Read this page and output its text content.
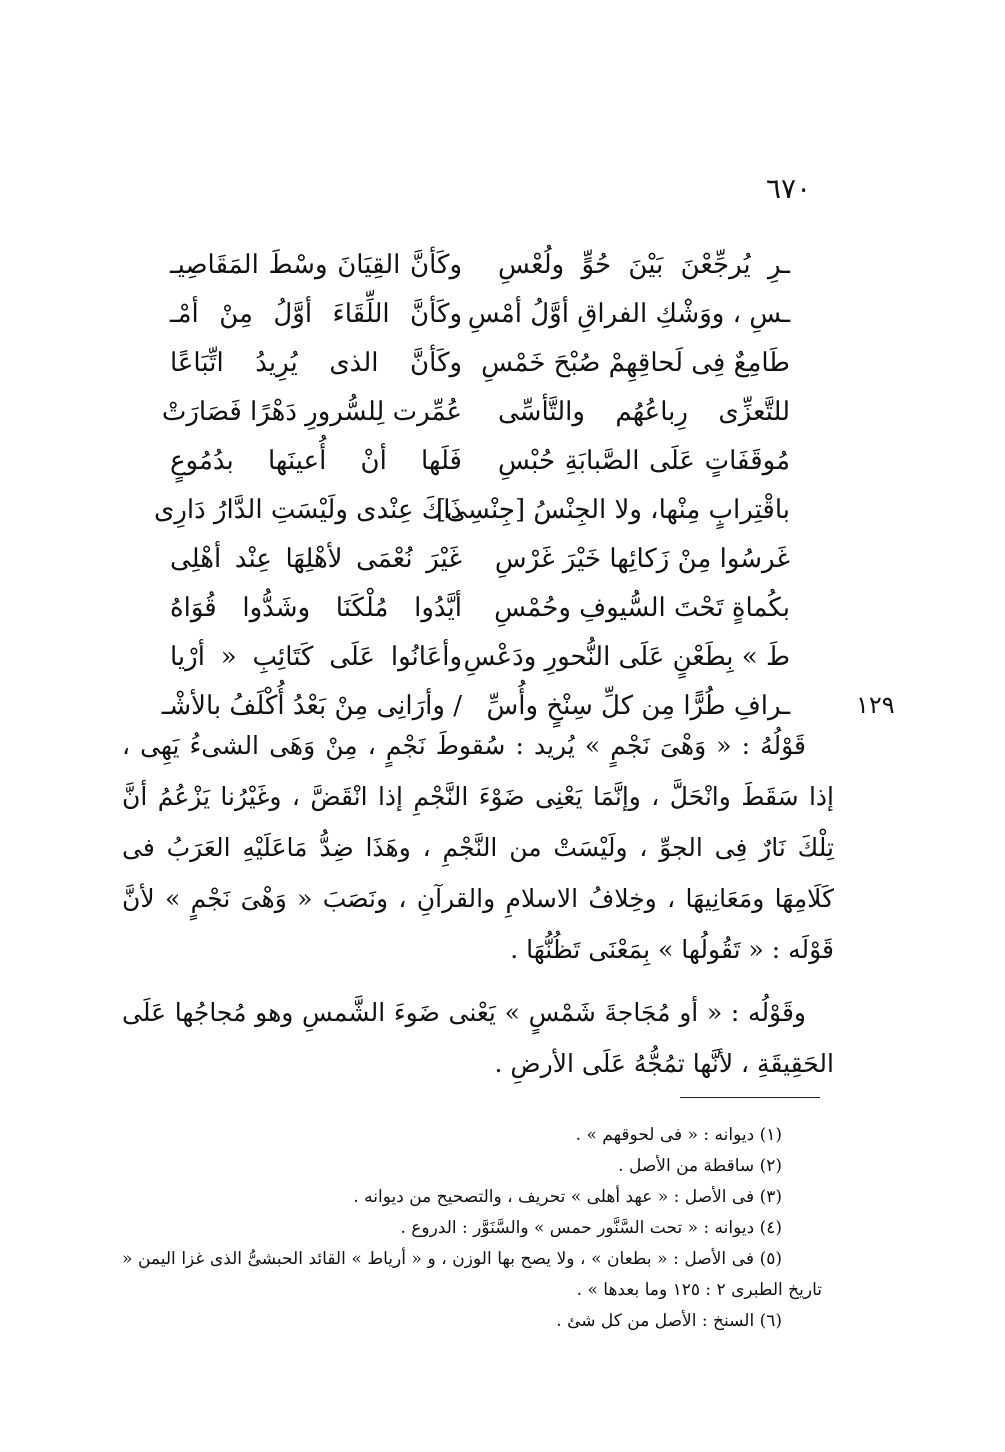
٦٧٠
١٢٩
وكَأنَّ القِيَانَ وسْطَ المَقَاصِيـ ـرِ يُرجِّعْنَ بَيْنَ حُوٍّ ولُعْسِ
وكَأنَّ اللِّقَاءَ أوَّلُ مِنْ أمْـ ـسِ ، ووَشْكِ الفراقِ أوَّلُ أمْسِ
وكَأنَّ الذى يُرِيدُ اتِّبَاعًا طَامِعٌ فِى لَحاقِهِمْ صُبْحَ خَمْسِ
عُمِّرت لِلسُّرورِ دَهْرًا فَصَارَتْ للتَّعزِّى رِباعُهُم والتَّأسِّى
فَلَها أنْ أُعينَها بدُمُوعٍ مُوقَفَاتٍ عَلَى الصَّبابَةِ حُبْسِ
ذَاكَ عِنْدى ولَيْسَتِ الدَّارُ دَارِى
باقْتِرابٍ مِنْها، ولا الجِنْسُ [جِنْسِى]
غَيْرَ نُعْمَى لأهْلِهَا عِنْد أهْلِى غَرسُوا مِنْ زَكائِها خَيْرَ غَرْسِ
أيَّدُوا مُلْكَنَا وشَدُّوا قُوَاهُ بكُماةٍ تَحْتَ السُّيوفِ وحُمْسِ
وأعَانُوا عَلَى كَتَائِبِ « أرْيا طَ » بِطَعْنٍ عَلَى النُّحورِ ودَعْسِ
/ وأرَانِى مِنْ بَعْدُ أُكْلَفُ بالأشْـ ـرافِ طُرًّا مِن كلِّ سِنْخٍ وأُسِّ

قَوْلُهُ : « وَهْىَ نَجْمٍ » يُريد : سُقوطَ نَجْمٍ ، مِنْ وَهَى الشىءُ يَهِى ، إذا سَقَطَ وانْحَلَّ ، وإنَّمَا يَعْنِى ضَوْءَ النَّجْمِ إذا انْقَضَّ ، وغَيْرُنا يَزْعُمُ أنَّ تِلْكَ نَارٌ فِى الجوِّ ، ولَيْسَتْ من النَّجْمِ ، وهَذَا ضِدُّ مَاعَلَيْهِ العَرَبُ فى كَلَامِهَا ومَعَانِيهَا ، وخِلافُ الاسلامِ والقرآنِ ، ونَصَبَ « وَهْىَ نَجْمٍ » لأنَّ قَوْلَه : « تَقُولُها » بِمَعْنَى تَظُنُّهَا .

وقَوْلُه : « أو مُجَاجةَ شَمْسٍ » يَعْنى ضَوءَ الشَّمسِ وهو مُجاجُها عَلَى الحَقِيقَةِ ، لأنَّها تمُجُّهُ عَلَى الأرضِ .

(١) ديوانه : « فى لحوقهم » .

(٢) ساقطة من الأصل .

(٣) فى الأصل : « عهد أهلى » تحريف ، والتصحيح من ديوانه .

(٤) ديوانه : « تحت السَّنَّور حمس » والسَّنَوَّر : الدروع .

(٥) فى الأصل : « بطعان » ، ولا يصح بها الوزن ، و « أرياط » القائد الحبشىُّ الذى غزا اليمن « تاريخ الطبرى ٢ : ١٢٥ وما بعدها » .

(٦) السنخ : الأصل من كل شئ .
